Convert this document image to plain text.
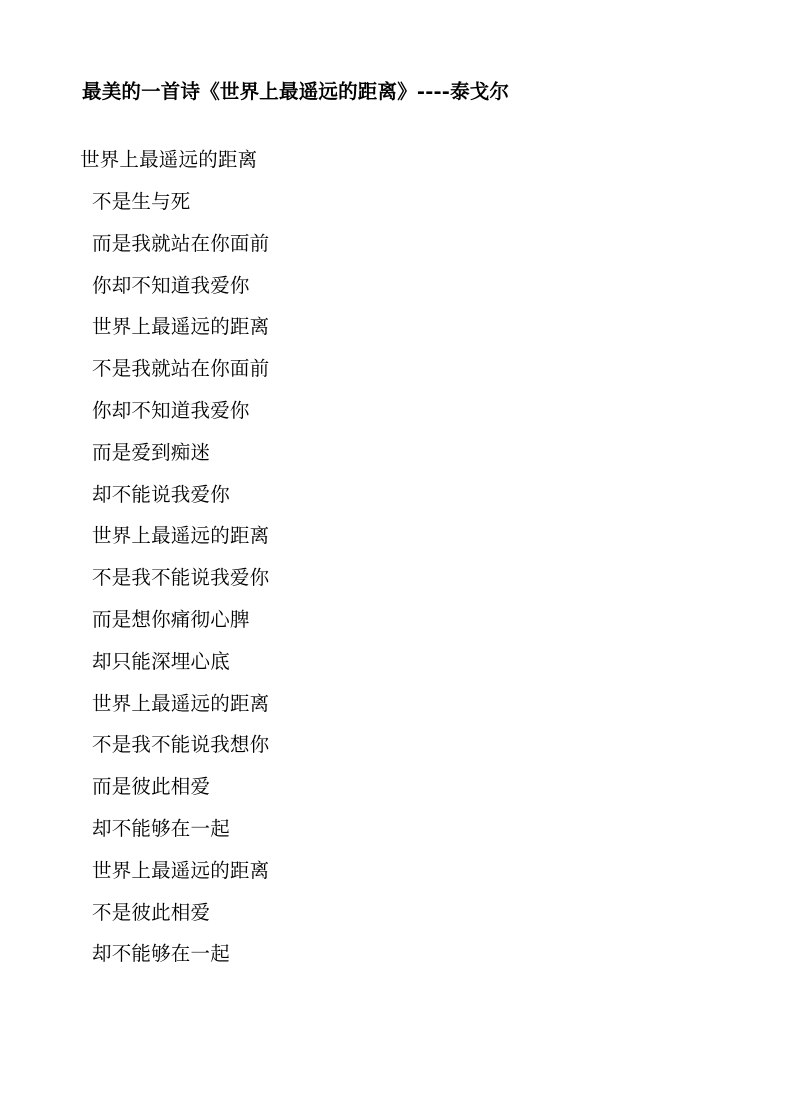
最美的一首诗《世界上最遥远的距离》----泰戈尔
世界上最遥远的距离
不是生与死
而是我就站在你面前
你却不知道我爱你
世界上最遥远的距离
不是我就站在你面前
你却不知道我爱你
而是爱到痴迷
却不能说我爱你
世界上最遥远的距离
不是我不能说我爱你
而是想你痛彻心脾
却只能深埋心底
世界上最遥远的距离
不是我不能说我想你
而是彼此相爱
却不能够在一起
世界上最遥远的距离
不是彼此相爱
却不能够在一起
